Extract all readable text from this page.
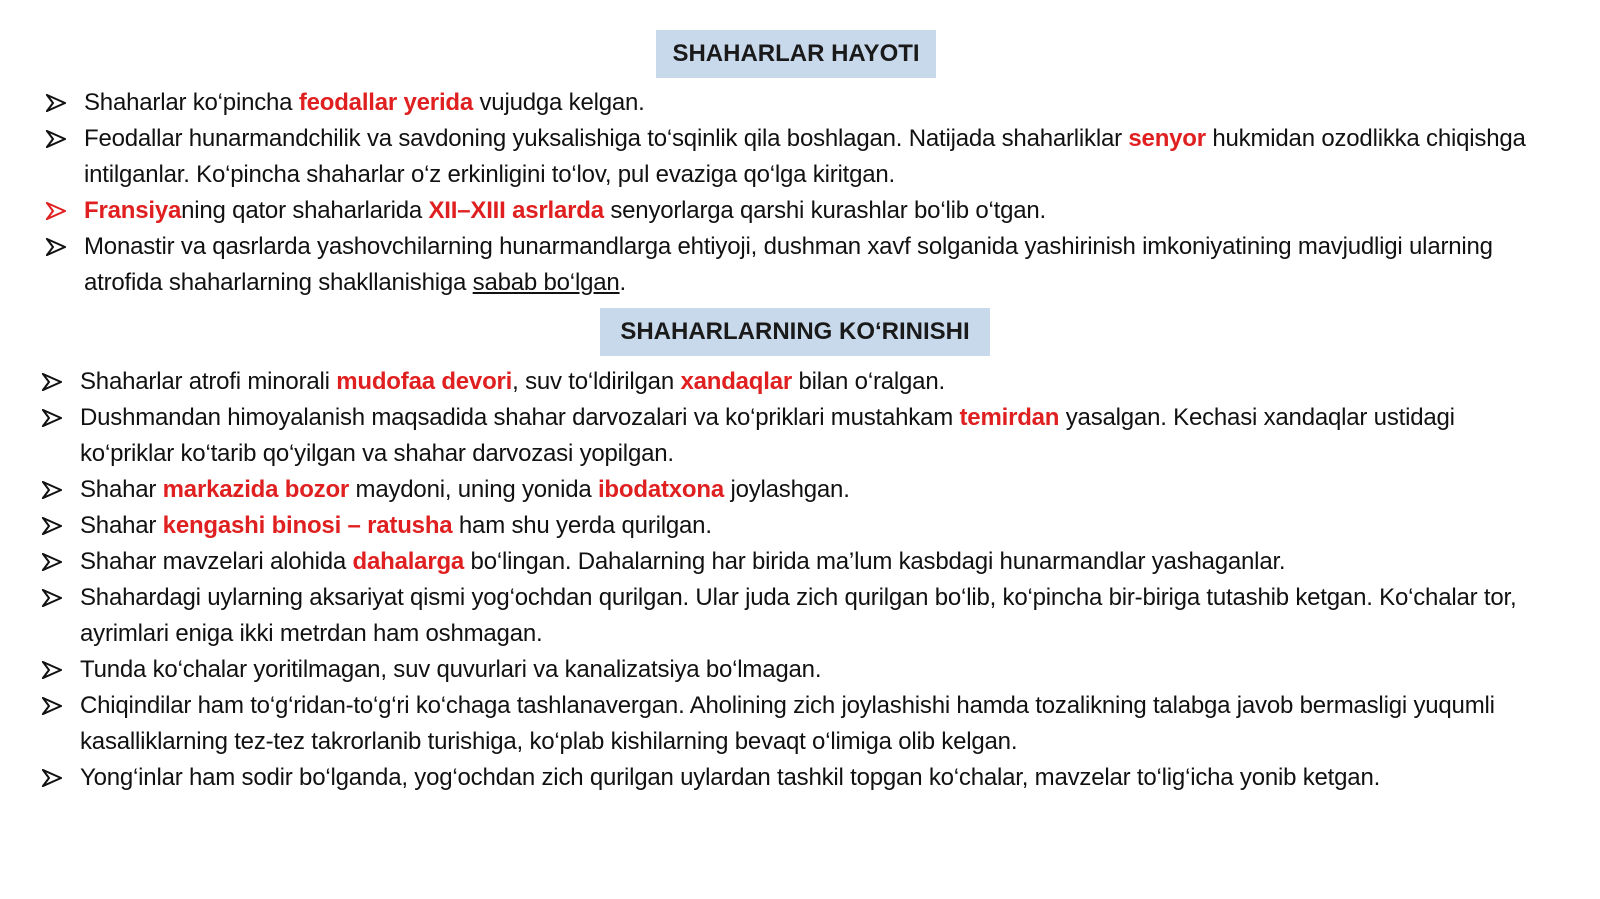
SHAHARLAR HAYOTI
Shaharlar ko‘pincha feodallar yerida vujudga kelgan.
Feodallar hunarmandchilik va savdoning yuksalishiga to‘sqinlik qila boshlagan. Natijada shaharliklar senyor hukmidan ozodlikka chiqishga intilganlar. Ko‘pincha shaharlar o‘z erkinligini to‘lov, pul evaziga qo‘lga kiritgan.
Fransiyaning qator shaharlarida XII–XIII asrlarda senyorlarga qarshi kurashlar bo‘lib o‘tgan.
Monastir va qasrlarda yashovchilarning hunarmandlarga ehtiyoji, dushman xavf solganida yashirinish imkoniyatining mavjudligi ularning atrofida shaharlarning shakllanishiga sabab bo‘lgan.
SHAHARLARNING KO‘RINISHI
Shaharlar atrofi minorali mudofaa devori, suv to‘ldirilgan xandaqlar bilan o‘ralgan.
Dushmandan himoyalanish maqsadida shahar darvozalari va ko‘priklari mustahkam temirdan yasalgan. Kechasi xandaqlar ustidagi ko‘priklar ko‘tarib qo‘yilgan va shahar darvozasi yopilgan.
Shahar markazida bozor maydoni, uning yonida ibodatxona joylashgan.
Shahar kengashi binosi – ratusha ham shu yerda qurilgan.
Shahar mavzelari alohida dahalarga bo‘lingan. Dahalarning har birida ma’lum kasbdagi hunarmandlar yashaganlar.
Shahardagi uylarning aksariyat qismi yog‘ochdan qurilgan. Ular juda zich qurilgan bo‘lib, ko‘pincha bir-biriga tutashib ketgan. Ko‘chalar tor, ayrimlari eniga ikki metrdan ham oshmagan.
Tunda ko‘chalar yoritilmagan, suv quvurlari va kanalizatsiya bo‘lmagan.
Chiqindilar ham to‘g‘ridan-to‘g‘ri ko‘chaga tashlanavergan. Aholining zich joylashishi hamda tozalikning talabga javob bermasligi yuqumli kasalliklarning tez-tez takrorlanib turishiga, ko‘plab kishilarning bevaqt o‘limiga olib kelgan.
Yong‘inlar ham sodir bo‘lganda, yog‘ochdan zich qurilgan uylardan tashkil topgan ko‘chalar, mavzelar to‘lig‘icha yonib ketgan.
